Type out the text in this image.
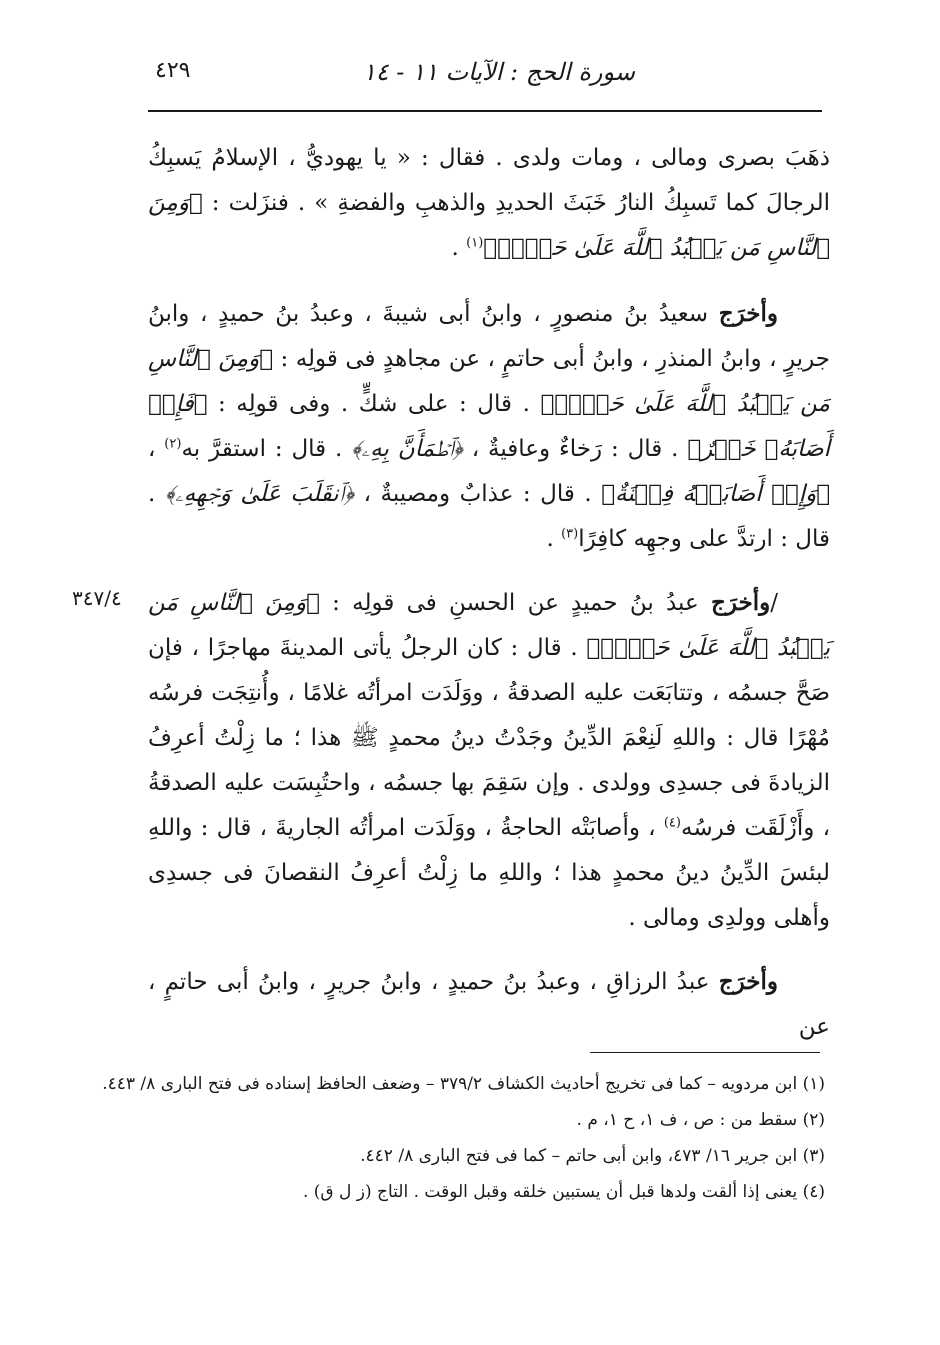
سورة الحج : الآيات ١١ - ١٤
٤٢٩
٣٤٧/٤

ذهَبَ بصرى ومالى ، ومات ولدى . فقال : « يا يهوديُّ ، الإسلامُ يَسبِكُ الرجالَ كما تَسبِكُ النارُ خَبَثَ الحديدِ والذهبِ والفضةِ » . فنزَلت : ﴿وَمِنَ ٱلنَّاسِ مَن يَعۡبُدُ ٱللَّهَ عَلَىٰ حَرۡفٖ﴾$^{(١)}$ .

وأخرَج سعيدُ بنُ منصورٍ ، وابنُ أبى شيبةَ ، وعبدُ بنُ حميدٍ ، وابنُ جريرٍ ، وابنُ المنذرِ ، وابنُ أبى حاتمٍ ، عن مجاهدٍ فى قولِه : ﴿وَمِنَ ٱلنَّاسِ مَن يَعۡبُدُ ٱللَّهَ عَلَىٰ حَرۡفٖ﴾ . قال : على شكٍّ . وفى قولِه : ﴿فَإِنۡ أَصَابَهُۥ خَيۡرٌ﴾ . قال : رَخاءٌ وعافيةٌ ، ﴿ٱطۡمَأَنَّ بِهِۦ﴾ . قال : استقرَّ به$^{(٢)}$ ، ﴿وَإِنۡ أَصَابَتۡهُ فِتۡنَةٌ﴾ . قال : عذابٌ ومصيبةٌ ، ﴿ٱنقَلَبَ عَلَىٰ وَجۡهِهِۦ﴾ . قال : ارتدَّ على وجهِه كافِرًا$^{(٣)}$ .

/وأخرَج عبدُ بنُ حميدٍ عن الحسنِ فى قولِه : ﴿وَمِنَ ٱلنَّاسِ مَن يَعۡبُدُ ٱللَّهَ عَلَىٰ حَرۡفٖ﴾ . قال : كان الرجلُ يأتى المدينةَ مهاجرًا ، فإن صَحَّ جسمُه ، وتتابَعَت عليه الصدقةُ ، ووَلَدَت امرأتُه غلامًا ، وأُنتِجَت فرسُه مُهْرًا قال : واللهِ لَنِعْمَ الدِّينُ وجَدْتُ دينُ محمدٍ ﷺ هذا ؛ ما زِلْتُ أعرِفُ الزيادةَ فى جسدِى وولدى . وإن سَقِمَ بها جسمُه ، واحتُبِسَت عليه الصدقةُ ، وأَزْلَقَت فرسُه$^{(٤)}$ ، وأصابَتْه الحاجةُ ، ووَلَدَت امرأتُه الجاريةَ ، قال : واللهِ لبئسَ الدِّينُ دينُ محمدٍ هذا ؛ واللهِ ما زِلْتُ أعرِفُ النقصانَ فى جسدِى وأهلى وولدِى ومالى .

وأخرَج عبدُ الرزاقِ ، وعبدُ بنُ حميدٍ ، وابنُ جريرٍ ، وابنُ أبى حاتمٍ ، عن

(١) ابن مردويه – كما فى تخريج أحاديث الكشاف ٣٧٩/٢ – وضعف الحافظ إسناده فى فتح البارى ٨/ ٤٤٣.

(٢) سقط من : ص ، ف ١، ح ١، م .

(٣) ابن جرير ١٦/ ٤٧٣، وابن أبى حاتم – كما فى فتح البارى ٨/ ٤٤٢.

(٤) يعنى إذا ألقت ولدها قبل أن يستبين خلقه وقبل الوقت . التاج (ز ل ق) .
